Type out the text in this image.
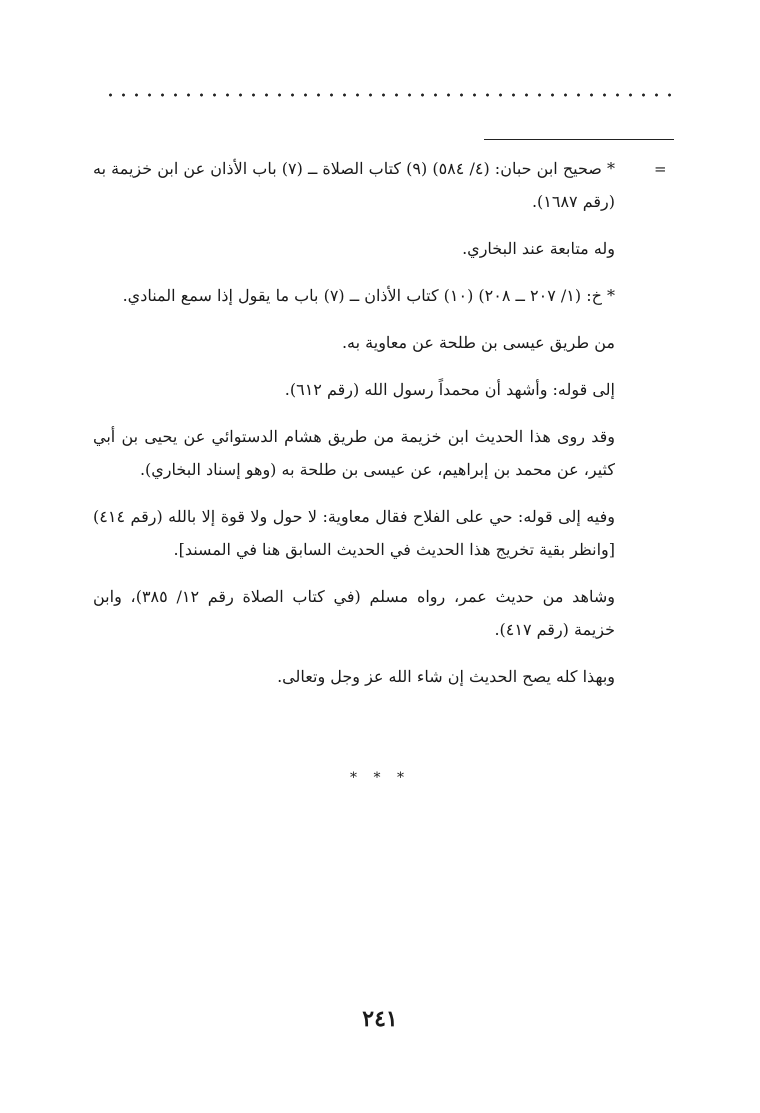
=

* صحيح ابن حبان: (٤/ ٥٨٤) (٩) كتاب الصلاة ــ (٧) باب الأذان عن ابن خزيمة به (رقم ١٦٨٧).

وله متابعة عند البخاري.

* خ: (١/ ٢٠٧ ــ ٢٠٨) (١٠) كتاب الأذان ــ (٧) باب ما يقول إذا سمع المنادي.

من طريق عيسى بن طلحة عن معاوية به.

إلى قوله: وأشهد أن محمداً رسول الله (رقم ٦١٢).

وقد روى هذا الحديث ابن خزيمة من طريق هشام الدستوائي عن يحيى بن أبي كثير، عن محمد بن إبراهيم، عن عيسى بن طلحة به (وهو إسناد البخاري).

وفيه إلى قوله: حي على الفلاح فقال معاوية: لا حول ولا قوة إلا بالله (رقم ٤١٤) [وانظر بقية تخريج هذا الحديث في الحديث السابق هنا في المسند].

وشاهد من حديث عمر، رواه مسلم (في كتاب الصلاة رقم ١٢/ ٣٨٥)، وابن خزيمة (رقم ٤١٧).

وبهذا كله يصح الحديث إن شاء الله عز وجل وتعالى.

* * *
٢٤١
